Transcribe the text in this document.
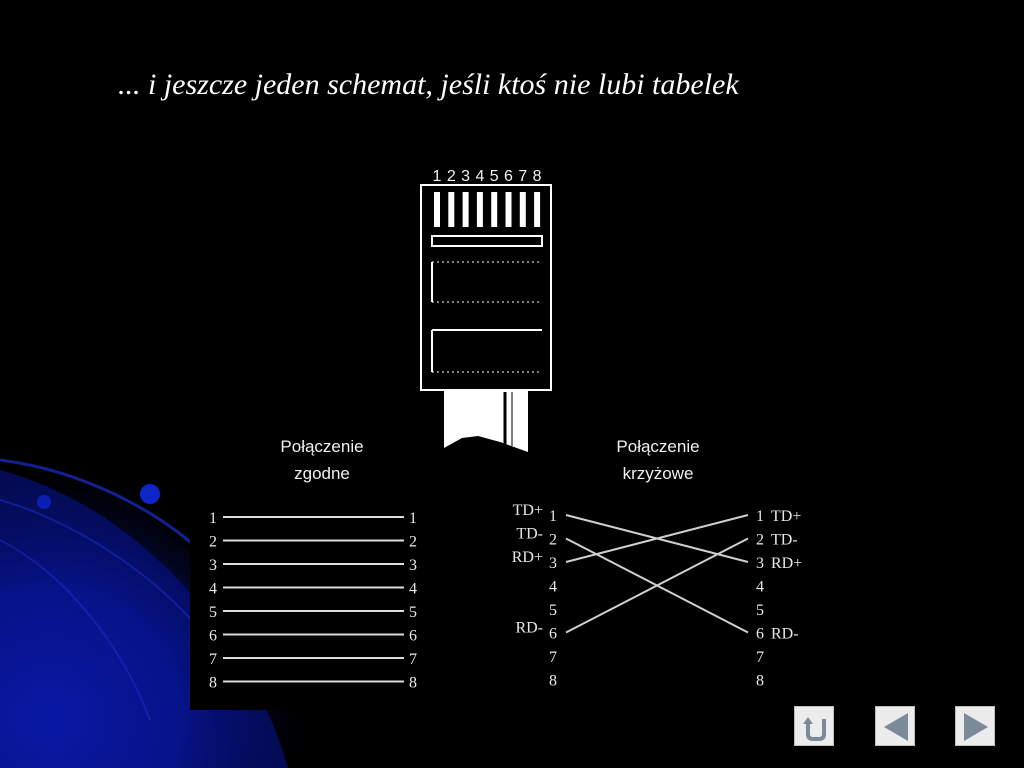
... i jeszcze jeden schemat, jeśli ktoś nie lubi tabelek
1 2 3 4 5 6 7 8
Połączenie
zgodne
1	1
2	2
3	3
4	4
5	5
6	6
7	7
8	8
Połączenie
krzyżowe
1	1
TD+	TD+
2	2
TD-	TD-
3	3
RD+	RD+
4	4
5	5
6	6
RD-	RD-
7	7
8	8
